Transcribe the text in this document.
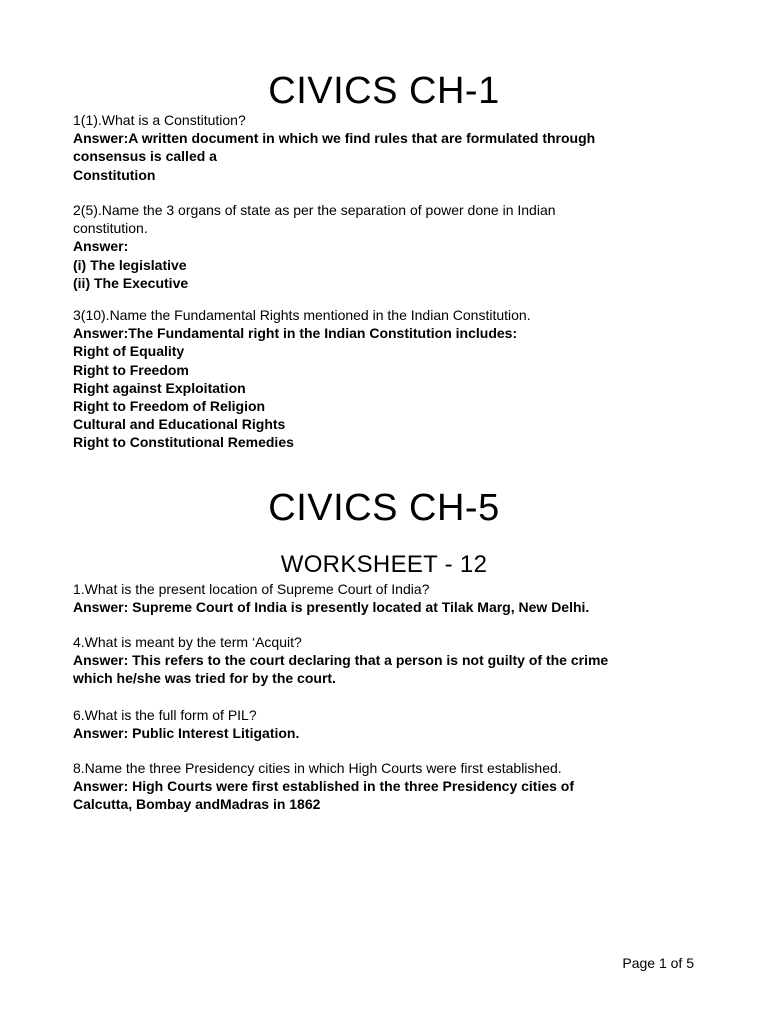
CIVICS CH-1
1(1).What is a Constitution?
Answer:A written document in which we find rules that are formulated through
consensus is called a
Constitution
2(5).Name the 3 organs of state as per the separation of power done in Indian
constitution.
Answer:
(i) The legislative
(ii) The Executive
3(10).Name the Fundamental Rights mentioned in the Indian Constitution.
Answer:The Fundamental right in the Indian Constitution includes:
Right of Equality
Right to Freedom
Right against Exploitation
Right to Freedom of Religion
Cultural and Educational Rights
Right to Constitutional Remedies
CIVICS CH-5
WORKSHEET - 12
1.What is the present location of Supreme Court of India?
Answer: Supreme Court of India is presently located at Tilak Marg, New Delhi.
4.What is meant by the term ‘Acquit?
Answer: This refers to the court declaring that a person is not guilty of the crime
which he/she was tried for by the court.
6.What is the full form of PIL?
Answer: Public Interest Litigation.
8.Name the three Presidency cities in which High Courts were first established.
Answer: High Courts were first established in the three Presidency cities of
Calcutta, Bombay andMadras in 1862
Page 1 of 5
